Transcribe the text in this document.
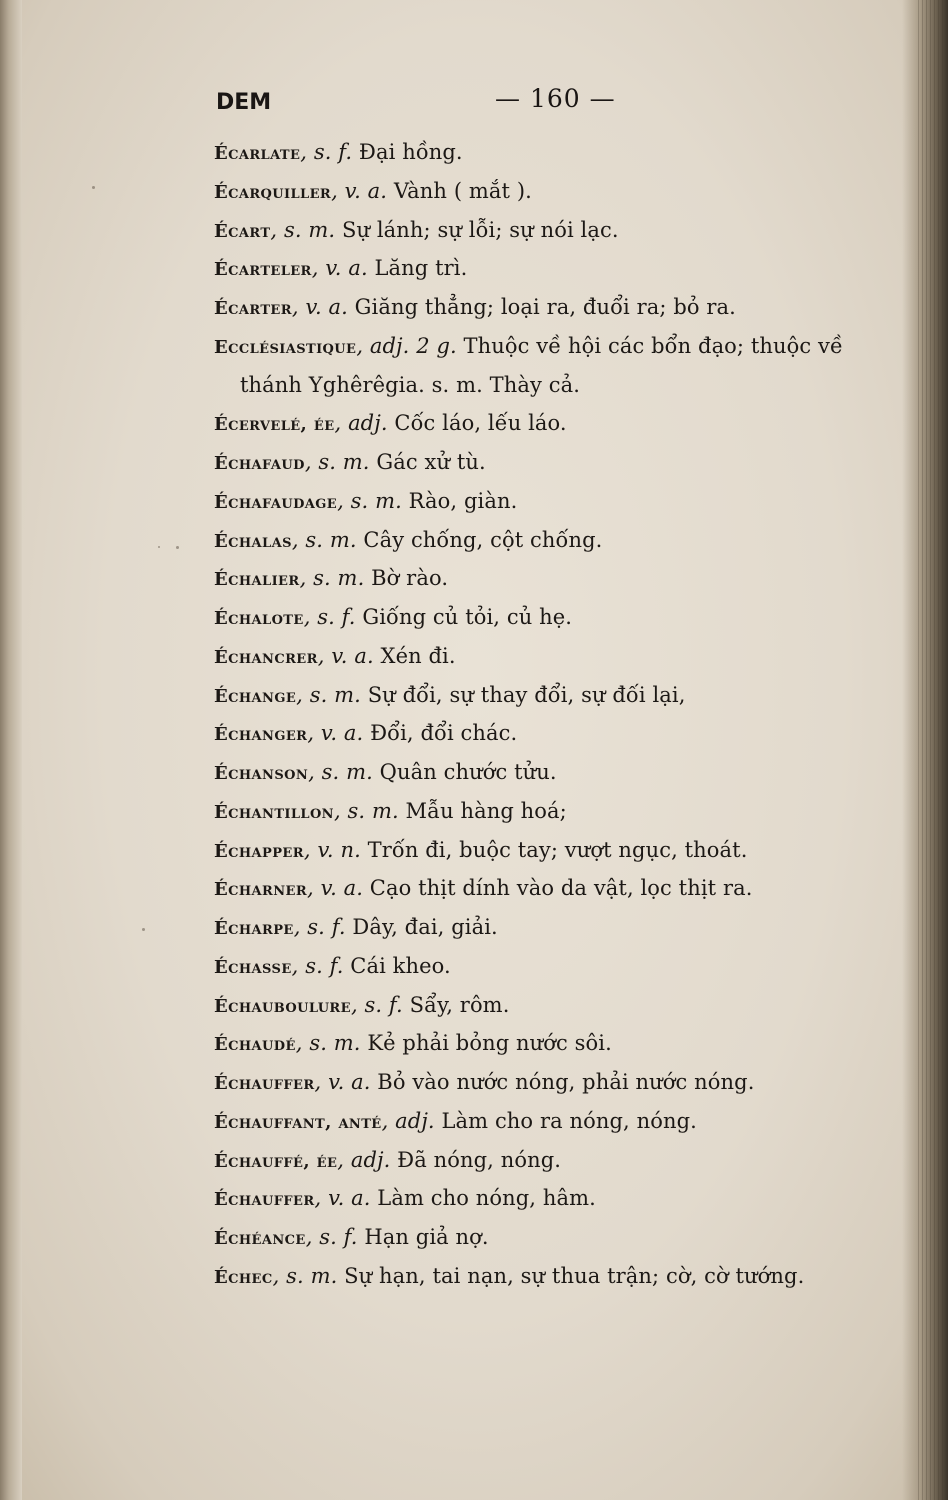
DEM	— 160 —
Écarlate, s. f. Đại hồng.
Écarquiller, v. a. Vành ( mắt ).
Écart, s. m. Sự lánh; sự lỗi; sự nói lạc.
Écarteler, v. a. Lăng trì.
Écarter, v. a. Giăng thẳng; loại ra, đuổi ra; bỏ ra.
Ecclésiastique, adj. 2 g. Thuộc về hội các bổn đạo; thuộc về
thánh Yghêrêgia. s. m. Thày cả.
Écervelé, ée, adj. Cốc láo, lếu láo.
Échafaud, s. m. Gác xử tù.
Échafaudage, s. m. Rào, giàn.
Échalas, s. m. Cây chống, cột chống.
Échalier, s. m. Bờ rào.
Échalote, s. f. Giống củ tỏi, củ hẹ.
Échancrer, v. a. Xén đi.
Échange, s. m. Sự đổi, sự thay đổi, sự đối lại,
Échanger, v. a. Đổi, đổi chác.
Échanson, s. m. Quân chước tửu.
Échantillon, s. m. Mẫu hàng hoá;
Échapper, v. n. Trốn đi, buộc tay; vượt ngục, thoát.
Écharner, v. a. Cạo thịt dính vào da vật, lọc thịt ra.
Écharpe, s. f. Dây, đai, giải.
Échasse, s. f. Cái kheo.
Échauboulure, s. f. Sẩy, rôm.
Échaudé, s. m. Kẻ phải bỏng nước sôi.
Échauffer, v. a. Bỏ vào nước nóng, phải nước nóng.
Échauffant, anté, adj. Làm cho ra nóng, nóng.
Échauffé, ée, adj. Đã nóng, nóng.
Échauffer, v. a. Làm cho nóng, hâm.
Échéance, s. f. Hạn giả nợ.
Échec, s. m. Sự hạn, tai nạn, sự thua trận; cờ, cờ tướng.
